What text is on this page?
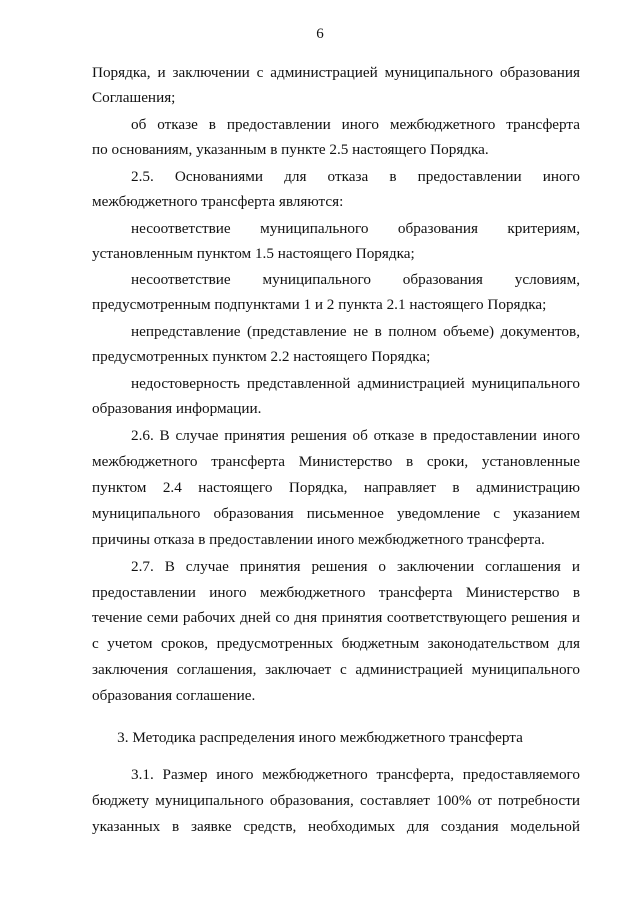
6
Порядка, и заключении с администрацией муниципального образования
Соглашения;
об отказе в предоставлении иного межбюджетного трансферта
по основаниям, указанным в пункте 2.5 настоящего Порядка.
2.5. Основаниями для отказа в предоставлении иного
межбюджетного трансферта являются:
несоответствие муниципального образования критериям,
установленным пунктом 1.5 настоящего Порядка;
несоответствие муниципального образования условиям,
предусмотренным подпунктами 1 и 2 пункта 2.1 настоящего Порядка;
непредставление (представление не в полном объеме) документов,
предусмотренных пунктом 2.2 настоящего Порядка;
недостоверность представленной администрацией муниципального
образования информации.
2.6. В случае принятия решения об отказе в предоставлении иного
межбюджетного трансферта Министерство в сроки, установленные
пунктом 2.4 настоящего Порядка, направляет в администрацию
муниципального образования письменное уведомление с указанием
причины отказа в предоставлении иного межбюджетного трансферта.
2.7. В случае принятия решения о заключении соглашения и
предоставлении иного межбюджетного трансферта Министерство в
течение семи рабочих дней со дня принятия соответствующего решения и
с учетом сроков, предусмотренных бюджетным законодательством для
заключения соглашения, заключает с администрацией муниципального
образования соглашение.
3. Методика распределения иного межбюджетного трансферта
3.1. Размер иного межбюджетного трансферта, предоставляемого
бюджету муниципального образования, составляет 100% от потребности
указанных в заявке средств, необходимых для создания модельной
